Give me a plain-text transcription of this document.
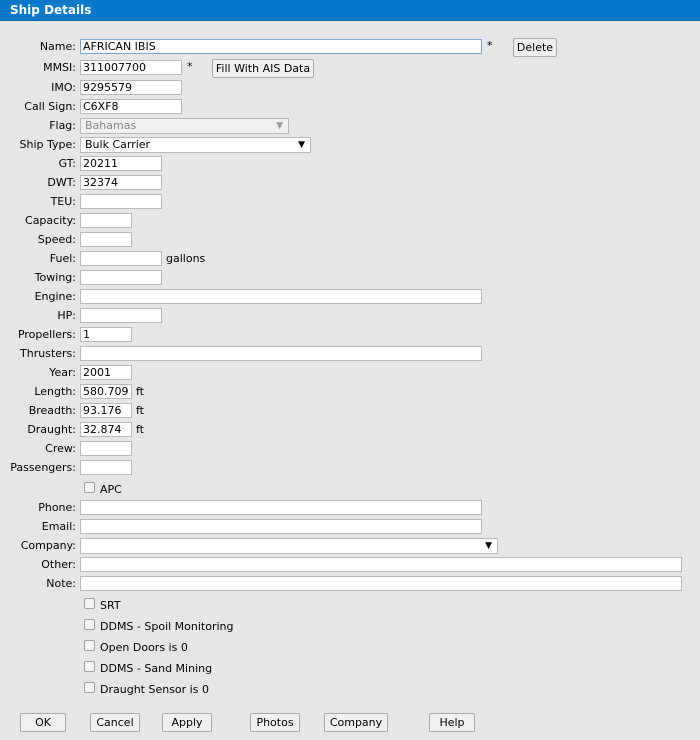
Ship Details
Name: AFRICAN IBIS	*	Delete
MMSI: 311007700	*	Fill With AIS Data
IMO: 9295579
Call Sign: C6XF8
Flag: Bahamas	▼
Ship Type: Bulk Carrier	▼
GT: 20211
DWT: 32374
TEU:
Capacity:
Speed:
Fuel:	gallons
Towing:
Engine:
HP:
Propellers: 1
Thrusters:
Year: 2001
Length: 580.709 ft
Breadth: 93.176	ft
Draught: 32.874	ft
Crew:
Passengers:
APC
Phone:
Email:
Company:	▼
Other:
Note:
SRT
DDMS - Spoil Monitoring
Open Doors is 0
DDMS - Sand Mining
Draught Sensor is 0
OK	Cancel	Apply	Photos	Company	Help
